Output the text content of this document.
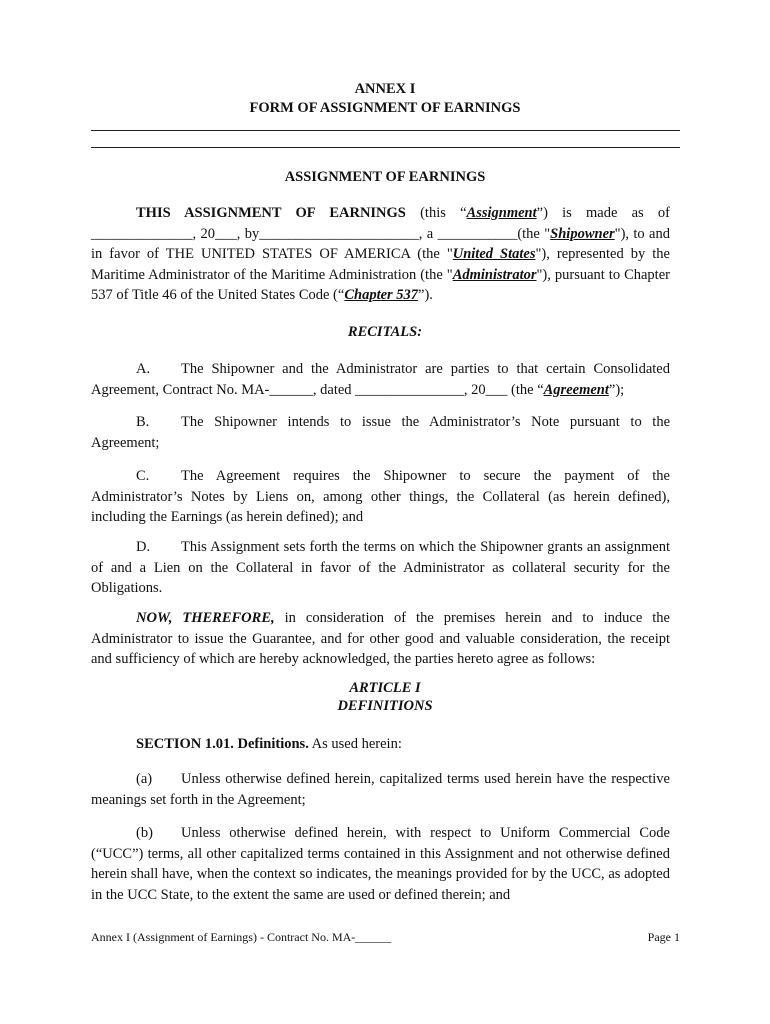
ANNEX I
FORM OF ASSIGNMENT OF EARNINGS
ASSIGNMENT OF EARNINGS
THIS ASSIGNMENT OF EARNINGS (this “Assignment”) is made as of ______________, 20___, by______________________, a ___________(the "Shipowner"), to and in favor of THE UNITED STATES OF AMERICA (the "United States"), represented by the Maritime Administrator of the Maritime Administration (the "Administrator"), pursuant to Chapter 537 of Title 46 of the United States Code (“Chapter 537”).
RECITALS:
A. The Shipowner and the Administrator are parties to that certain Consolidated Agreement, Contract No. MA-______, dated _______________, 20___ (the “Agreement”);
B. The Shipowner intends to issue the Administrator’s Note pursuant to the Agreement;
C. The Agreement requires the Shipowner to secure the payment of the Administrator’s Notes by Liens on, among other things, the Collateral (as herein defined), including the Earnings (as herein defined); and
D. This Assignment sets forth the terms on which the Shipowner grants an assignment of and a Lien on the Collateral in favor of the Administrator as collateral security for the Obligations.
NOW, THEREFORE, in consideration of the premises herein and to induce the Administrator to issue the Guarantee, and for other good and valuable consideration, the receipt and sufficiency of which are hereby acknowledged, the parties hereto agree as follows:
ARTICLE I
DEFINITIONS
SECTION 1.01. Definitions. As used herein:
(a) Unless otherwise defined herein, capitalized terms used herein have the respective meanings set forth in the Agreement;
(b) Unless otherwise defined herein, with respect to Uniform Commercial Code (“UCC”) terms, all other capitalized terms contained in this Assignment and not otherwise defined herein shall have, when the context so indicates, the meanings provided for by the UCC, as adopted in the UCC State, to the extent the same are used or defined therein; and
Annex I (Assignment of Earnings) - Contract No. MA-______	Page 1
